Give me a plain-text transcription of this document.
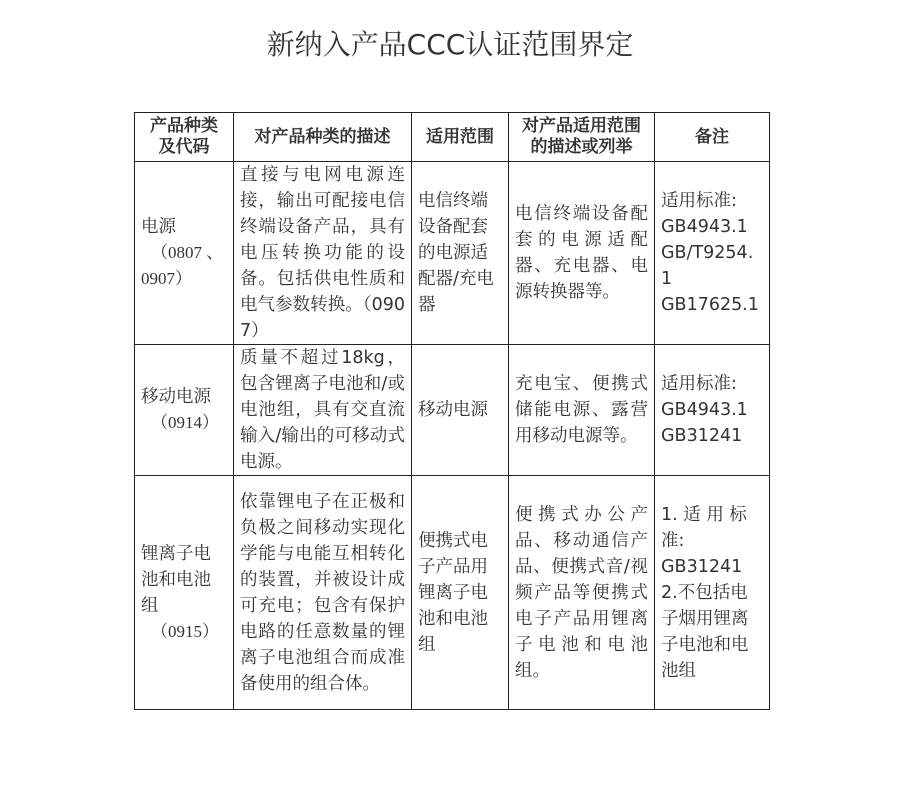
新纳入产品CCC认证范围界定
产品种类
及代码	对产品种类的描述	适用范围	对产品适用范围
的描述或列举	备注

电源
（0807 、
0907）	直接与电网电源连接，输出可配接电信终端设备产品，具有电压转换功能的设备。包括供电性质和电气参数转换。（0907）	电信终端设备配套的电源适配器/充电器	电信终端设备配套的电源适配器、充电器、电源转换器等。	适用标准:
GB4943.1
GB/T9254.1
GB17625.1

移动电源
（0914）	质量不超过18kg，包含锂离子电池和/或电池组，具有交直流输入/输出的可移动式电源。	移动电源	充电宝、便携式储能电源、露营用移动电源等。	适用标准:
GB4943.1
GB31241

锂离子电池和电池组
（0915）	依靠锂电子在正极和负极之间移动实现化学能与电能互相转化的装置，并被设计成可充电；包含有保护电路的任意数量的锂离子电池组合而成准备使用的组合体。	便携式电子产品用锂离子电池和电池组	便携式办公产品、移动通信产品、便携式音/视频产品等便携式电子产品用锂离子电池和电池组。	1. 适 用 标准:
GB31241
2.不包括电子烟用锂离子电池和电池组
